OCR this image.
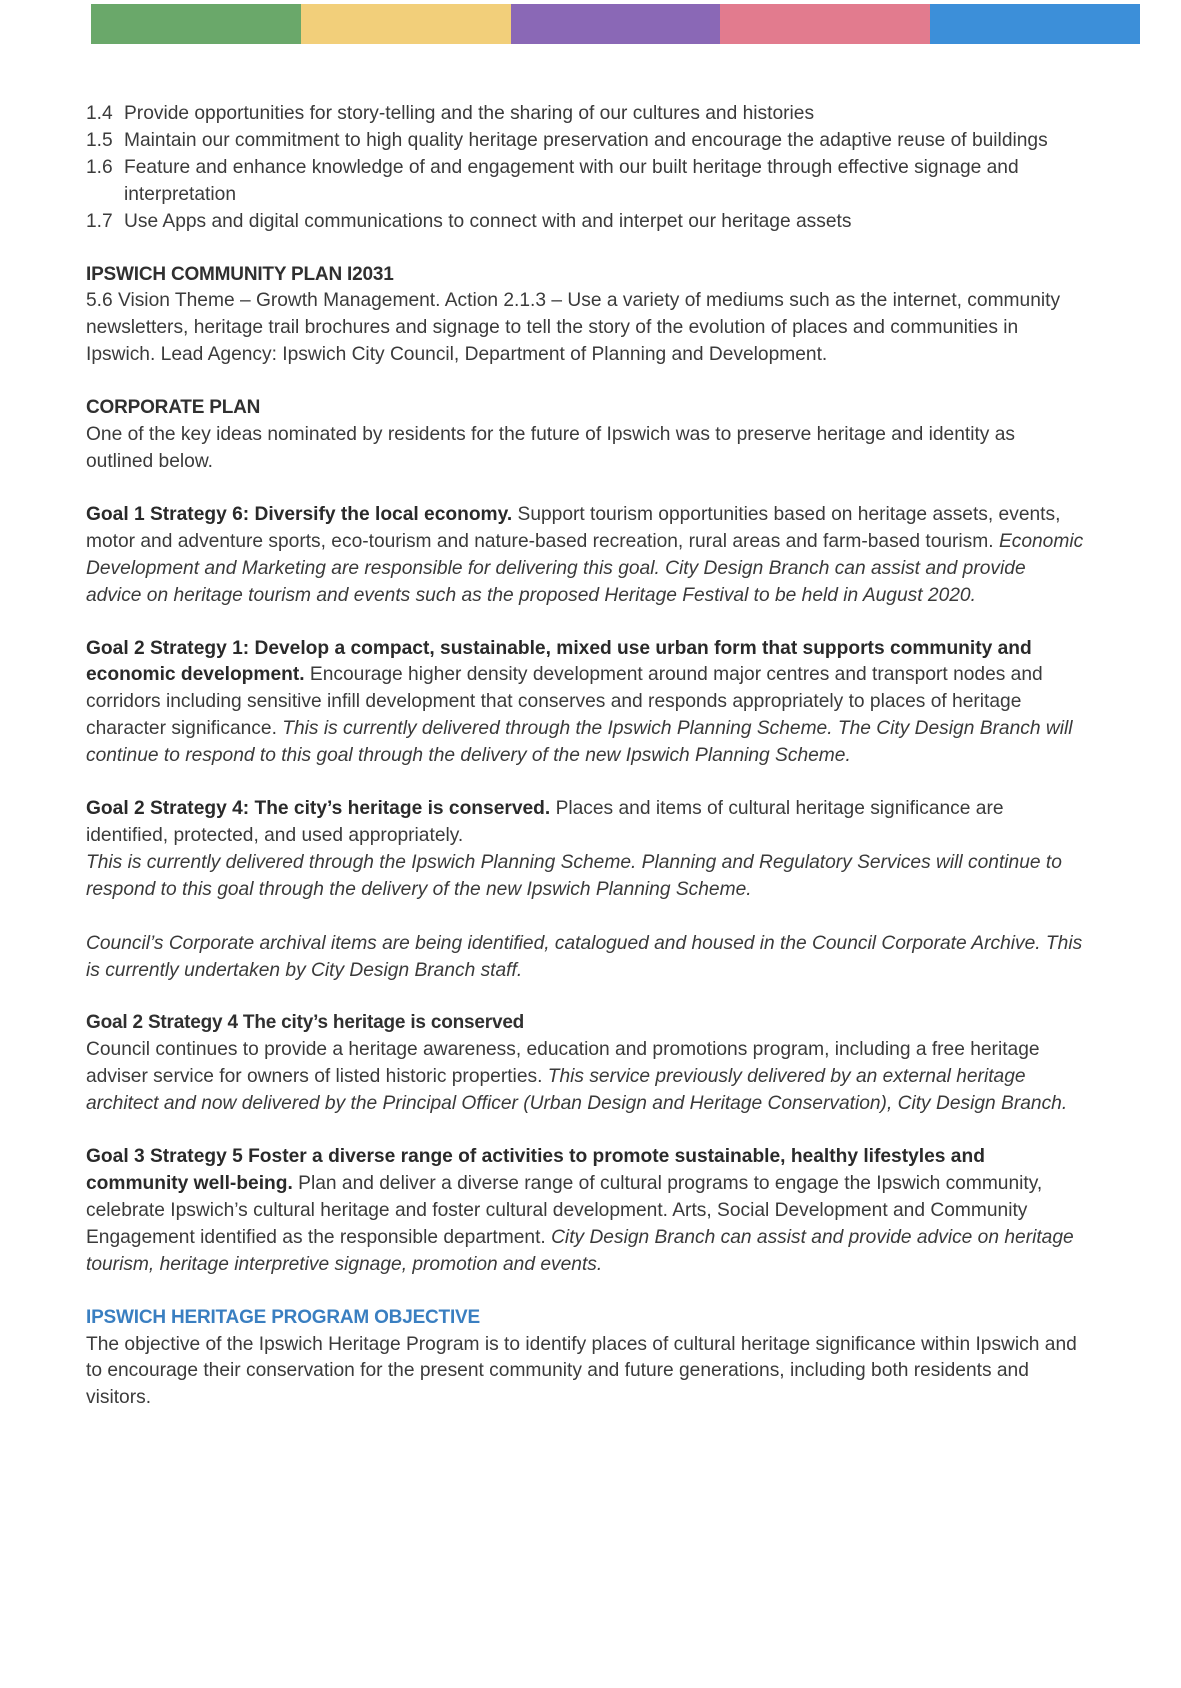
1.4 Provide opportunities for story-telling and the sharing of our cultures and histories
1.5 Maintain our commitment to high quality heritage preservation and encourage the adaptive reuse of buildings
1.6 Feature and enhance knowledge of and engagement with our built heritage through effective signage and interpretation
1.7 Use Apps and digital communications to connect with and interpet our heritage assets
IPSWICH COMMUNITY PLAN I2031

5.6 Vision Theme – Growth Management. Action 2.1.3 – Use a variety of mediums such as the internet, community newsletters, heritage trail brochures and signage to tell the story of the evolution of places and communities in Ipswich. Lead Agency: Ipswich City Council, Department of Planning and Development.

CORPORATE PLAN

One of the key ideas nominated by residents for the future of Ipswich was to preserve heritage and identity as outlined below.

Goal 1 Strategy 6: Diversify the local economy. Support tourism opportunities based on heritage assets, events, motor and adventure sports, eco-tourism and nature-based recreation, rural areas and farm-based tourism. Economic Development and Marketing are responsible for delivering this goal. City Design Branch can assist and provide advice on heritage tourism and events such as the proposed Heritage Festival to be held in August 2020.

Goal 2 Strategy 1: Develop a compact, sustainable, mixed use urban form that supports community and economic development. Encourage higher density development around major centres and transport nodes and corridors including sensitive infill development that conserves and responds appropriately to places of heritage character significance. This is currently delivered through the Ipswich Planning Scheme. The City Design Branch will continue to respond to this goal through the delivery of the new Ipswich Planning Scheme.

Goal 2 Strategy 4: The city’s heritage is conserved. Places and items of cultural heritage significance are identified, protected, and used appropriately.
This is currently delivered through the Ipswich Planning Scheme. Planning and Regulatory Services will continue to respond to this goal through the delivery of the new Ipswich Planning Scheme.

Council’s Corporate archival items are being identified, catalogued and housed in the Council Corporate Archive. This is currently undertaken by City Design Branch staff.

Goal 2 Strategy 4 The city’s heritage is conserved

Council continues to provide a heritage awareness, education and promotions program, including a free heritage adviser service for owners of listed historic properties. This service previously delivered by an external heritage architect and now delivered by the Principal Officer (Urban Design and Heritage Conservation), City Design Branch.

Goal 3 Strategy 5 Foster a diverse range of activities to promote sustainable, healthy lifestyles and community well-being. Plan and deliver a diverse range of cultural programs to engage the Ipswich community, celebrate Ipswich’s cultural heritage and foster cultural development. Arts, Social Development and Community Engagement identified as the responsible department. City Design Branch can assist and provide advice on heritage tourism, heritage interpretive signage, promotion and events.

IPSWICH HERITAGE PROGRAM OBJECTIVE

The objective of the Ipswich Heritage Program is to identify places of cultural heritage significance within Ipswich and to encourage their conservation for the present community and future generations, including both residents and visitors.
